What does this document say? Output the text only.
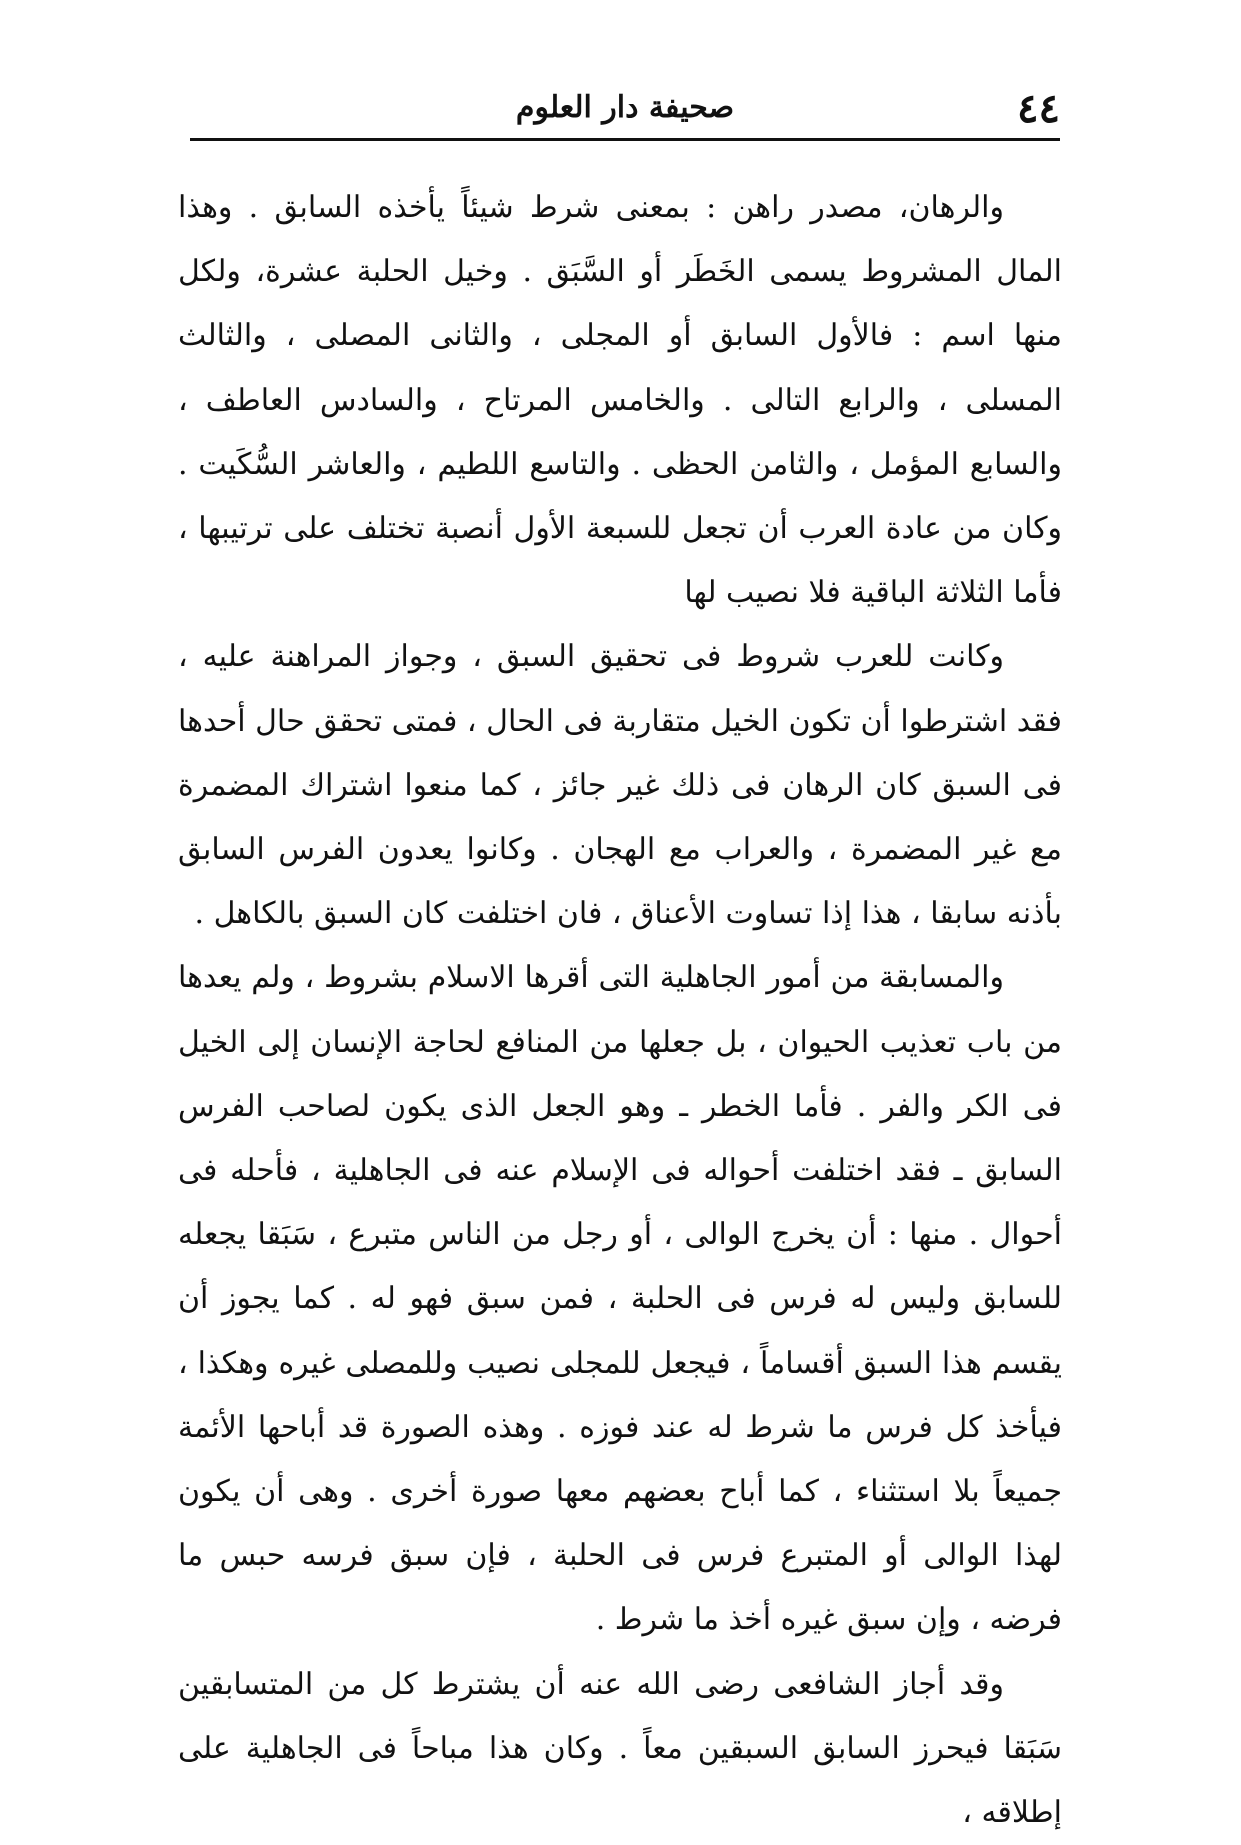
٤٤
صحيفة دار العلوم

والرهان، مصدر راهن : بمعنى شرط شيئاً يأخذه السابق . وهذا المال المشروط يسمى الخَطَر أو السَّبَق . وخيل الحلبة عشرة، ولكل منها اسم : فالأول السابق أو المجلى ، والثانى المصلى ، والثالث المسلى ، والرابع التالى . والخامس المرتاح ، والسادس العاطف ، والسابع المؤمل ، والثامن الحظى . والتاسع اللطيم ، والعاشر السُّكَيت . وكان من عادة العرب أن تجعل للسبعة الأول أنصبة تختلف على ترتيبها ، فأما الثلاثة الباقية فلا نصيب لها

وكانت للعرب شروط فى تحقيق السبق ، وجواز المراهنة عليه ، فقد اشترطوا أن تكون الخيل متقاربة فى الحال ، فمتى تحقق حال أحدها فى السبق كان الرهان فى ذلك غير جائز ، كما منعوا اشتراك المضمرة مع غير المضمرة ، والعراب مع الهجان . وكانوا يعدون الفرس السابق بأذنه سابقا ، هذا إذا تساوت الأعناق ، فان اختلفت كان السبق بالكاهل .

والمسابقة من أمور الجاهلية التى أقرها الاسلام بشروط ، ولم يعدها من باب تعذيب الحيوان ، بل جعلها من المنافع لحاجة الإنسان إلى الخيل فى الكر والفر . فأما الخطر ـ وهو الجعل الذى يكون لصاحب الفرس السابق ـ فقد اختلفت أحواله فى الإسلام عنه فى الجاهلية ، فأحله فى أحوال . منها : أن يخرج الوالى ، أو رجل من الناس متبرع ، سَبَقا يجعله للسابق وليس له فرس فى الحلبة ، فمن سبق فهو له . كما يجوز أن يقسم هذا السبق أقساماً ، فيجعل للمجلى نصيب وللمصلى غيره وهكذا ، فيأخذ كل فرس ما شرط له عند فوزه . وهذه الصورة قد أباحها الأئمة جميعاً بلا استثناء ، كما أباح بعضهم معها صورة أخرى . وهى أن يكون لهذا الوالى أو المتبرع فرس فى الحلبة ، فإن سبق فرسه حبس ما فرضه ، وإن سبق غيره أخذ ما شرط .

وقد أجاز الشافعى رضى الله عنه أن يشترط كل من المتسابقين سَبَقا فيحرز السابق السبقين معاً . وكان هذا مباحاً فى الجاهلية على إطلاقه ،
